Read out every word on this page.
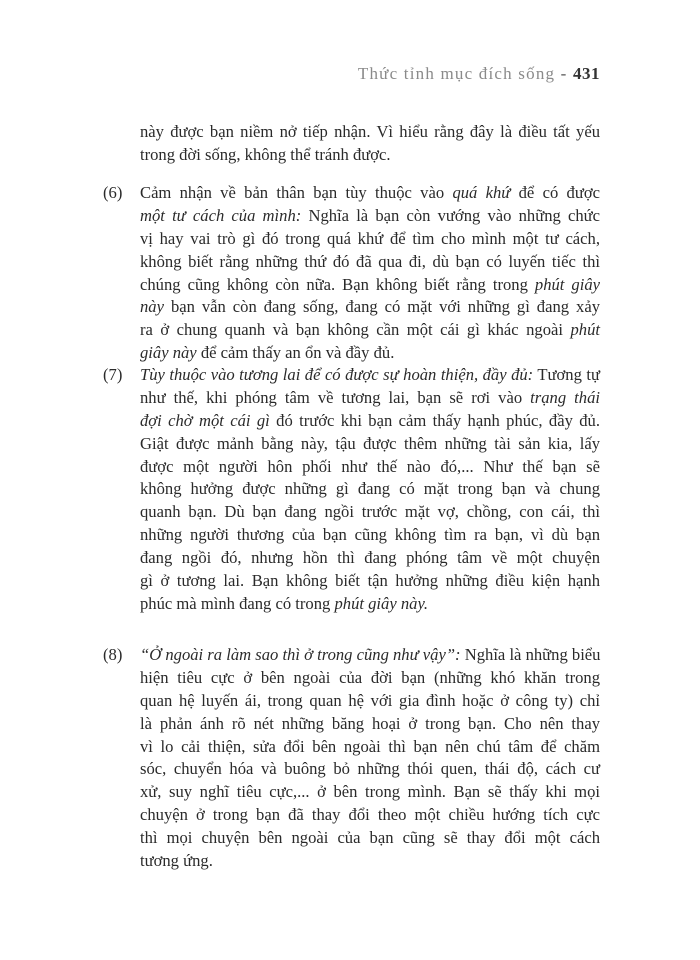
Thức tỉnh mục đích sống - 431
này được bạn niềm nở tiếp nhận. Vì hiểu rằng đây là điều tất yếu
trong đời sống, không thể tránh được.
(6) Cảm nhận về bản thân bạn tùy thuộc vào quá khứ để có được
một tư cách của mình: Nghĩa là bạn còn vướng vào những chức
vị hay vai trò gì đó trong quá khứ để tìm cho mình một tư cách,
không biết rằng những thứ đó đã qua đi, dù bạn có luyến tiếc thì
chúng cũng không còn nữa. Bạn không biết rằng trong phút giây
này bạn vẫn còn đang sống, đang có mặt với những gì đang xảy
ra ở chung quanh và bạn không cần một cái gì khác ngoài phút
giây này để cảm thấy an ổn và đầy đủ.
(7) Tùy thuộc vào tương lai để có được sự hoàn thiện, đầy đủ: Tương tự
như thế, khi phóng tâm về tương lai, bạn sẽ rơi vào trạng thái
đợi chờ một cái gì đó trước khi bạn cảm thấy hạnh phúc, đầy đủ.
Giật được mảnh bằng này, tậu được thêm những tài sản kia, lấy
được một người hôn phối như thế nào đó,... Như thế bạn sẽ
không hưởng được những gì đang có mặt trong bạn và chung
quanh bạn. Dù bạn đang ngồi trước mặt vợ, chồng, con cái, thì
những người thương của bạn cũng không tìm ra bạn, vì dù bạn
đang ngồi đó, nhưng hồn thì đang phóng tâm về một chuyện
gì ở tương lai. Bạn không biết tận hưởng những điều kiện hạnh
phúc mà mình đang có trong phút giây này.
(8) “Ở ngoài ra làm sao thì ở trong cũng như vậy”: Nghĩa là những biểu
hiện tiêu cực ở bên ngoài của đời bạn (những khó khăn trong
quan hệ luyến ái, trong quan hệ với gia đình hoặc ở công ty) chỉ
là phản ánh rõ nét những băng hoại ở trong bạn. Cho nên thay
vì lo cải thiện, sửa đổi bên ngoài thì bạn nên chú tâm để chăm
sóc, chuyển hóa và buông bỏ những thói quen, thái độ, cách cư
xử, suy nghĩ tiêu cực,... ở bên trong mình. Bạn sẽ thấy khi mọi
chuyện ở trong bạn đã thay đổi theo một chiều hướng tích cực
thì mọi chuyện bên ngoài của bạn cũng sẽ thay đổi một cách
tương ứng.
